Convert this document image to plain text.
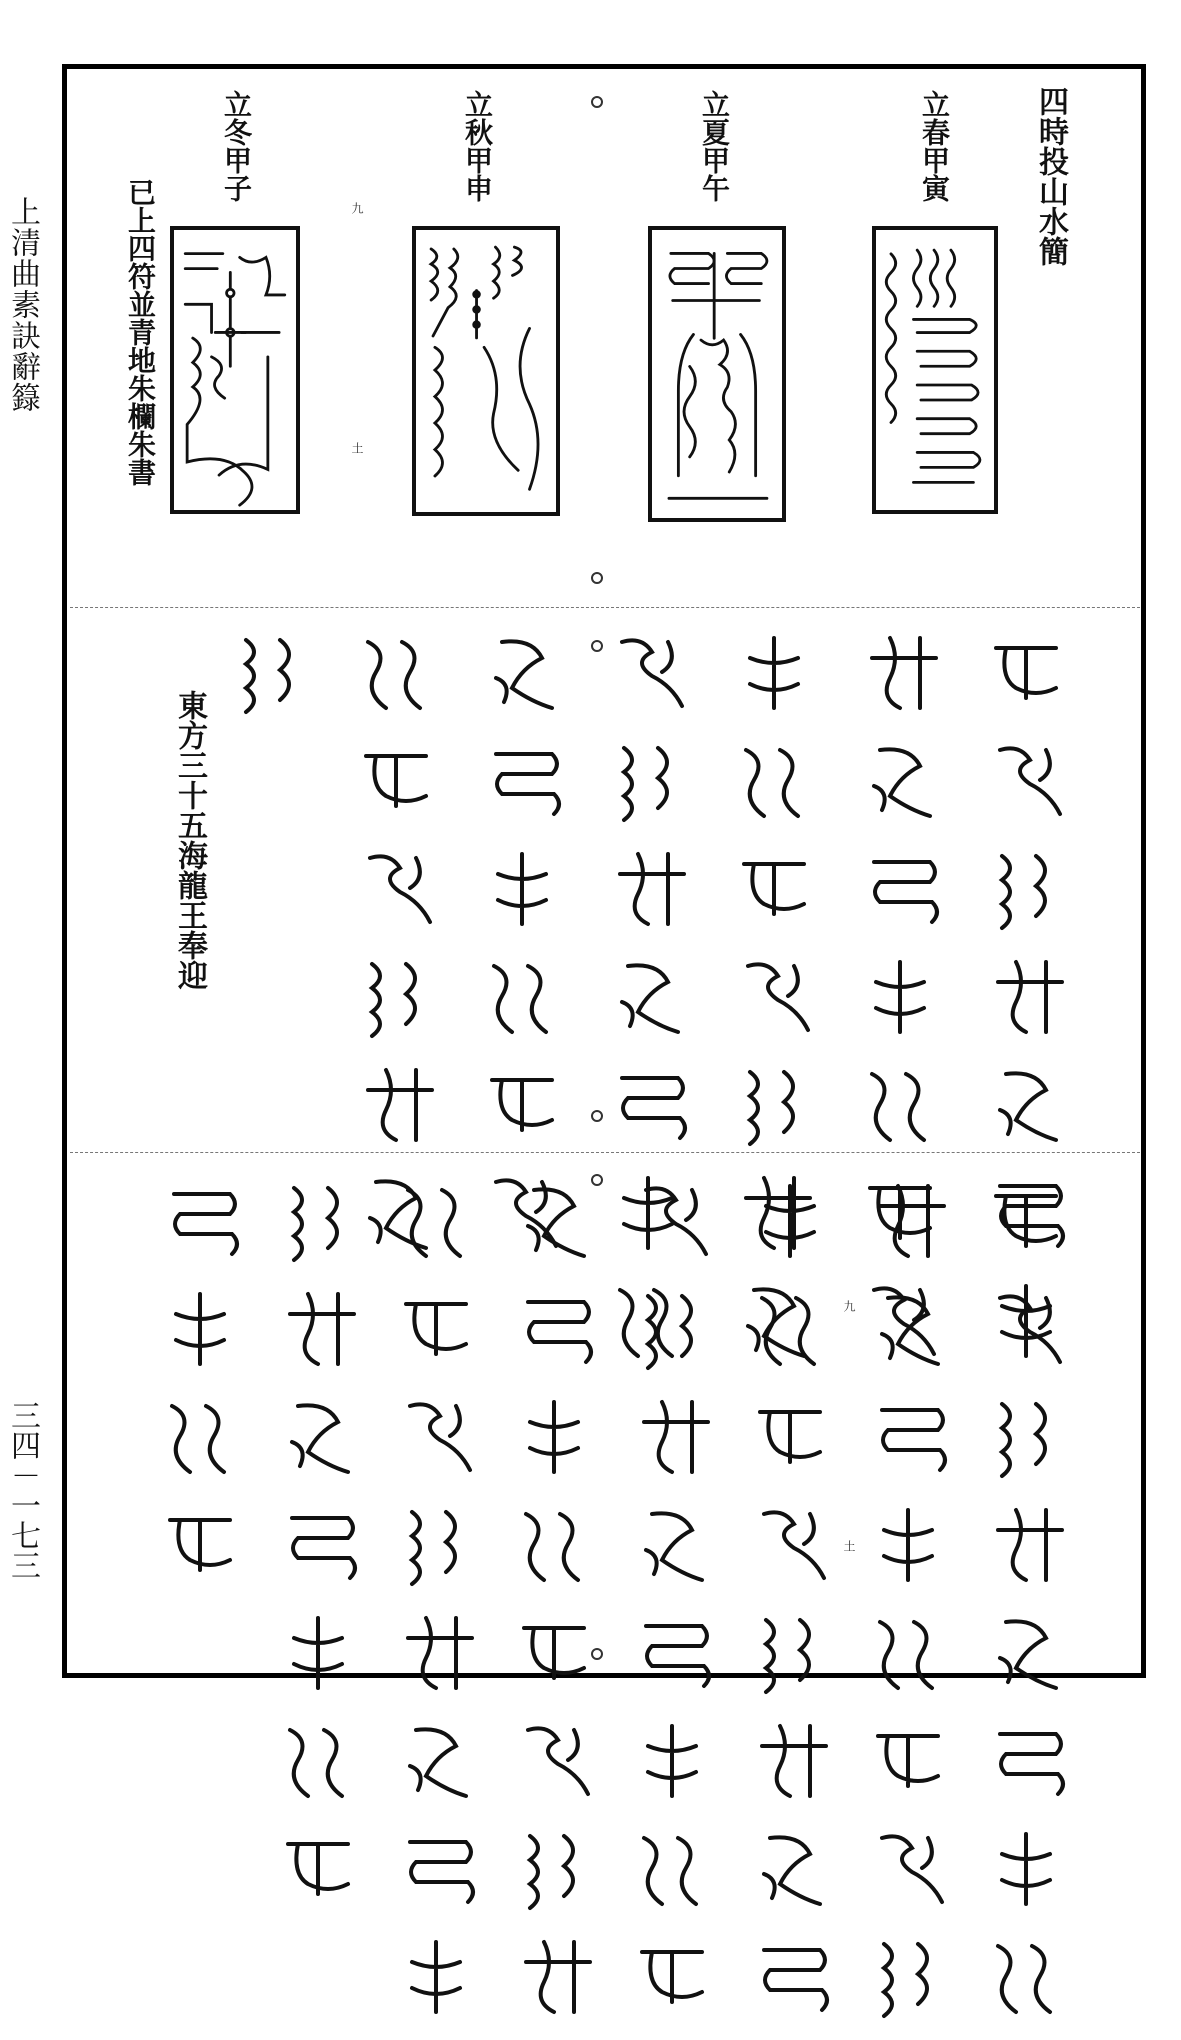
上清曲素訣辭籙
三四－一七三
四時投山水簡
立春甲寅
立夏甲午
立秋甲申
立冬甲子
已上四符並青地朱欄朱書	九
土
東方三十五海龍王奉迎
九
土
